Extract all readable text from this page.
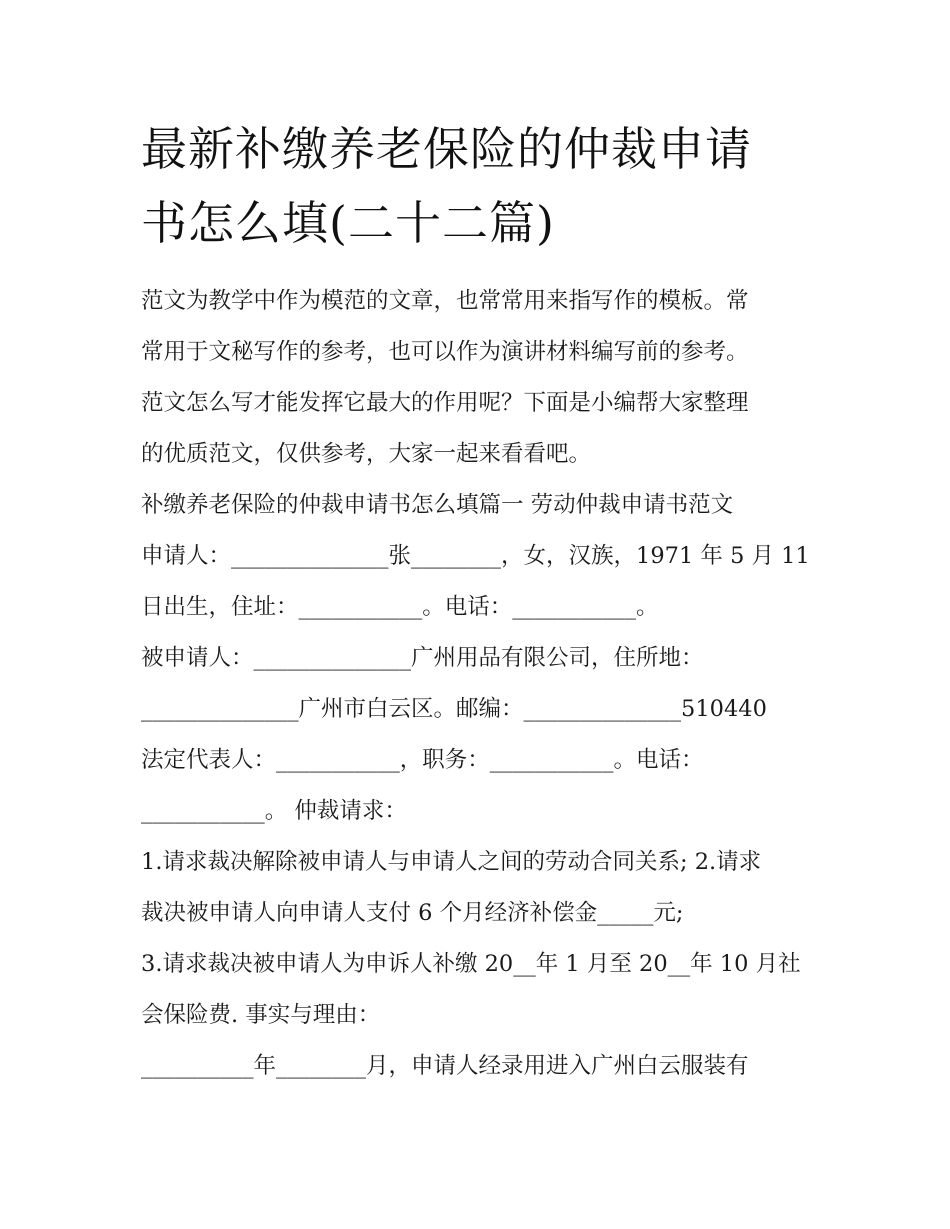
最新补缴养老保险的仲裁申请
书怎么填(二十二篇)

范文为教学中作为模范的文章，也常常用来指写作的模板。常

常用于文秘写作的参考，也可以作为演讲材料编写前的参考。

范文怎么写才能发挥它最大的作用呢？下面是小编帮大家整理

的优质范文，仅供参考，大家一起来看看吧。

补缴养老保险的仲裁申请书怎么填篇一 劳动仲裁申请书范文

申请人：______________张________，女，汉族，1971 年 5 月 11

日出生，住址：___________。电话：___________。

被申请人：______________广州用品有限公司，住所地：

______________广州市白云区。邮编：______________510440

法定代表人：___________，职务：___________。电话：

___________。 仲裁请求：

1.请求裁决解除被申请人与申请人之间的劳动合同关系; 2.请求

裁决被申请人向申请人支付 6 个月经济补偿金_____元;

3.请求裁决被申请人为申诉人补缴 20__年 1 月至 20__年 10 月社

会保险费. 事实与理由：

__________年________月，申请人经录用进入广州白云服装有
